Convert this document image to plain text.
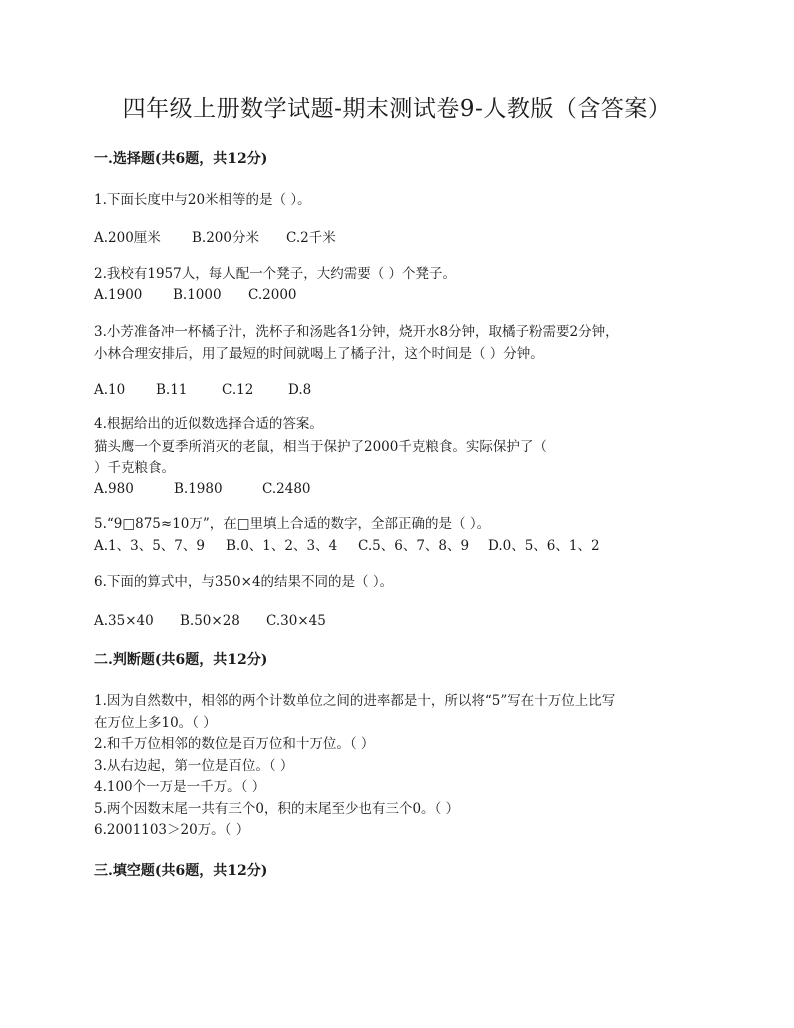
四年级上册数学试题-期末测试卷9-人教版（含答案）
一.选择题(共6题，共12分)
1.下面长度中与20米相等的是（ ）。
A.200厘米 B.200分米 C.2千米
2.我校有1957人，每人配一个凳子，大约需要（ ）个凳子。
A.1900 B.1000 C.2000
3.小芳准备冲一杯橘子汁，洗杯子和汤匙各1分钟，烧开水8分钟，取橘子粉需要2分钟，
小林合理安排后，用了最短的时间就喝上了橘子汁，这个时间是（ ）分钟。
A.10 B.11	C.12	D.8
4.根据给出的近似数选择合适的答案。
猫头鹰一个夏季所消灭的老鼠，相当于保护了2000千克粮食。实际保护了（
）千克粮食。
A.980	B.1980	C.2480
5.“9□875≈10万”，在□里填上合适的数字，全部正确的是（ ）。
A.1、3、5、7、9 B.0、1、2、3、4 C.5、6、7、8、9 D.0、5、6、1、2
6.下面的算式中，与350×4的结果不同的是（ ）。
A.35×40 B.50×28 C.30×45
二.判断题(共6题，共12分)
1.因为自然数中，相邻的两个计数单位之间的进率都是十，所以将“5”写在十万位上比写
在万位上多10。（ ）
2.和千万位相邻的数位是百万位和十万位。（ ）
3.从右边起，第一位是百位。（ ）
4.100个一万是一千万。（ ）
5.两个因数末尾一共有三个0，积的末尾至少也有三个0。（ ）
6.2001103＞20万。（ ）
三.填空题(共6题，共12分)
